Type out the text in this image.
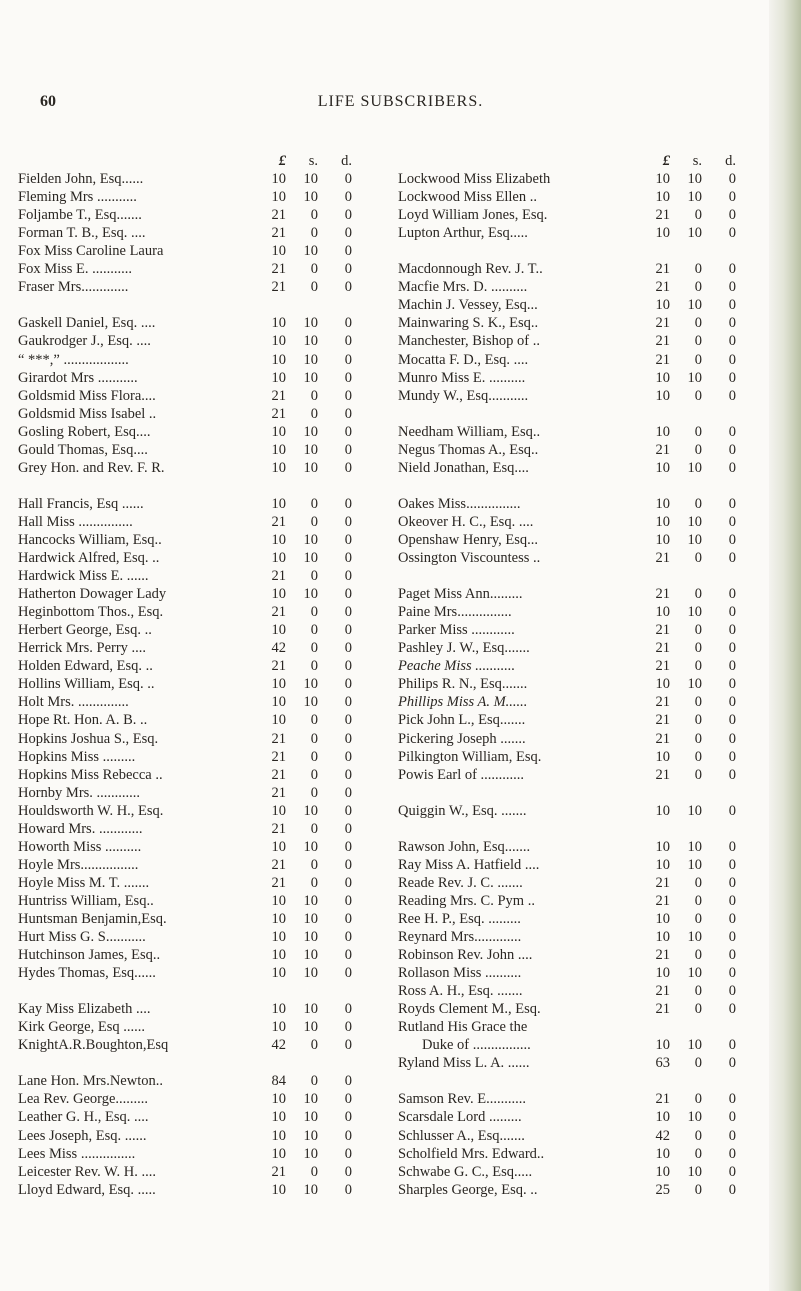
60	LIFE SUBSCRIBERS.
£	s.	d.
Fielden John, Esq......	10	10	0
Fleming Mrs ...........	10	10	0
Foljambe T., Esq.......	21	0	0
Forman T. B., Esq. ....	21	0	0
Fox Miss Caroline Laura	10	10	0
Fox Miss E. ...........	21	0	0
Fraser Mrs.............	21	0	0
Gaskell Daniel, Esq. ....	10	10	0
Gaukrodger J., Esq. ....	10	10	0
“ ***,” ..................	10	10	0
Girardot Mrs ...........	10	10	0
Goldsmid Miss Flora....	21	0	0
Goldsmid Miss Isabel ..	21	0	0
Gosling Robert, Esq....	10	10	0
Gould Thomas, Esq....	10	10	0
Grey Hon. and Rev. F. R.	10	10	0
Hall Francis, Esq ......	10	0	0
Hall Miss ...............	21	0	0
Hancocks William, Esq..	10	10	0
Hardwick Alfred, Esq. ..	10	10	0
Hardwick Miss E. ......	21	0	0
Hatherton Dowager Lady	10	10	0
Heginbottom Thos., Esq.	21	0	0
Herbert George, Esq. ..	10	0	0
Herrick Mrs. Perry ....	42	0	0
Holden Edward, Esq. ..	21	0	0
Hollins William, Esq. ..	10	10	0
Holt Mrs. ..............	10	10	0
Hope Rt. Hon. A. B. ..	10	0	0
Hopkins Joshua S., Esq.	21	0	0
Hopkins Miss .........	21	0	0
Hopkins Miss Rebecca ..	21	0	0
Hornby Mrs. ............	21	0	0
Houldsworth W. H., Esq.	10	10	0
Howard Mrs. ............	21	0	0
Howorth Miss ..........	10	10	0
Hoyle Mrs................	21	0	0
Hoyle Miss M. T. .......	21	0	0
Huntriss William, Esq..	10	10	0
Huntsman Benjamin,Esq.	10	10	0
Hurt Miss G. S...........	10	10	0
Hutchinson James, Esq..	10	10	0
Hydes Thomas, Esq......	10	10	0
Kay Miss Elizabeth ....	10	10	0
Kirk George, Esq ......	10	10	0
KnightA.R.Boughton,Esq	42	0	0
Lane Hon. Mrs.Newton..	84	0	0
Lea Rev. George.........	10	10	0
Leather G. H., Esq. ....	10	10	0
Lees Joseph, Esq. ......	10	10	0
Lees Miss ...............	10	10	0
Leicester Rev. W. H. ....	21	0	0
Lloyd Edward, Esq. .....	10	10	0
£	s.	d.
Lockwood Miss Elizabeth	10	10	0
Lockwood Miss Ellen ..	10	10	0
Loyd William Jones, Esq.	21	0	0
Lupton Arthur, Esq.....	10	10	0
Macdonnough Rev. J. T..	21	0	0
Macfie Mrs. D. ..........	21	0	0
Machin J. Vessey, Esq...	10	10	0
Mainwaring S. K., Esq..	21	0	0
Manchester, Bishop of ..	21	0	0
Mocatta F. D., Esq. ....	21	0	0
Munro Miss E. ..........	10	10	0
Mundy W., Esq...........	10	0	0
Needham William, Esq..	10	0	0
Negus Thomas A., Esq..	21	0	0
Nield Jonathan, Esq....	10	10	0
Oakes Miss...............	10	0	0
Okeover H. C., Esq. ....	10	10	0
Openshaw Henry, Esq...	10	10	0
Ossington Viscountess ..	21	0	0
Paget Miss Ann.........	21	0	0
Paine Mrs...............	10	10	0
Parker Miss ............	21	0	0
Pashley J. W., Esq.......	21	0	0
Peache Miss ...........	21	0	0
Philips R. N., Esq.......	10	10	0
Phillips Miss A. M......	21	0	0
Pick John L., Esq.......	21	0	0
Pickering Joseph .......	21	0	0
Pilkington William, Esq.	10	0	0
Powis Earl of ............	21	0	0
Quiggin W., Esq. .......	10	10	0
Rawson John, Esq.......	10	10	0
Ray Miss A. Hatfield ....	10	10	0
Reade Rev. J. C. .......	21	0	0
Reading Mrs. C. Pym ..	21	0	0
Ree H. P., Esq. .........	10	0	0
Reynard Mrs.............	10	10	0
Robinson Rev. John ....	21	0	0
Rollason Miss ..........	10	10	0
Ross A. H., Esq. .......	21	0	0
Royds Clement M., Esq.	21	0	0
Rutland His Grace the
Duke of ................	10	10	0
Ryland Miss L. A. ......	63	0	0
Samson Rev. E...........	21	0	0
Scarsdale Lord .........	10	10	0
Schlusser A., Esq.......	42	0	0
Scholfield Mrs. Edward..	10	0	0
Schwabe G. C., Esq.....	10	10	0
Sharples George, Esq. ..	25	0	0
